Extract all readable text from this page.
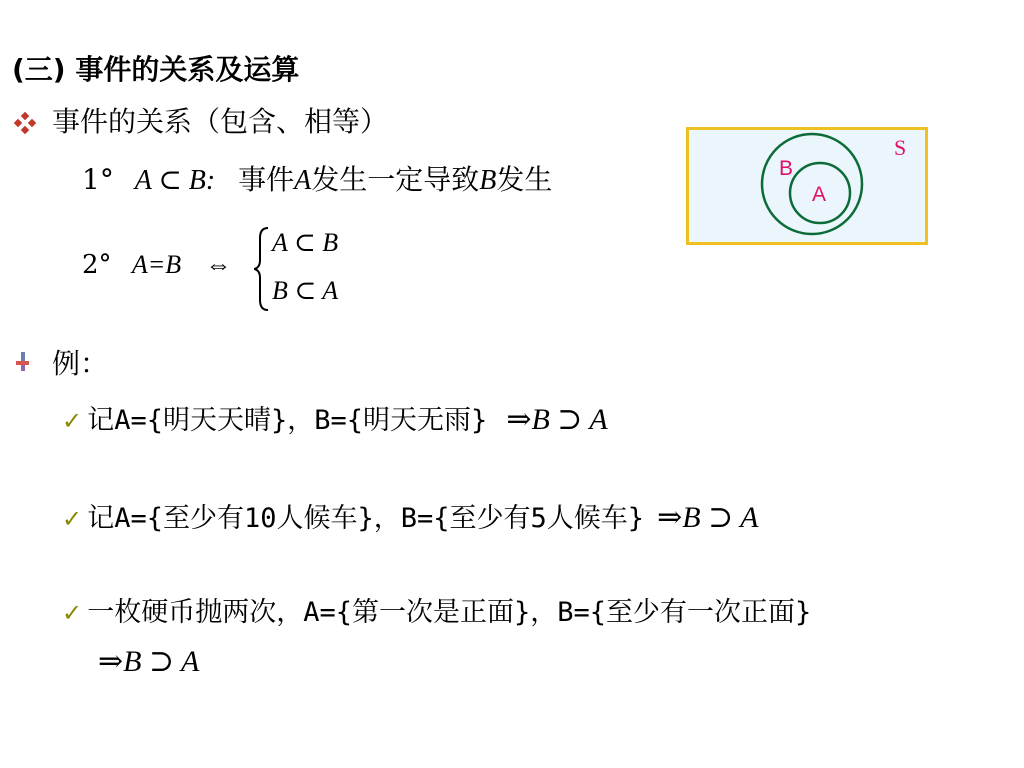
(三) 事件的关系及运算
事件的关系（包含、相等）
1° A ⊂ B: 事件A发生一定导致B发生
2° A=B ⇔
A ⊂ B
B ⊂ A
S
B
A
例：
✓ 记A={明天天晴}，B={明天无雨} ⇒B ⊃ A
✓ 记A={至少有10人候车}，B={至少有5人候车} ⇒B ⊃ A
✓ 一枚硬币抛两次，A={第一次是正面}，B={至少有一次正面}
⇒B ⊃ A
